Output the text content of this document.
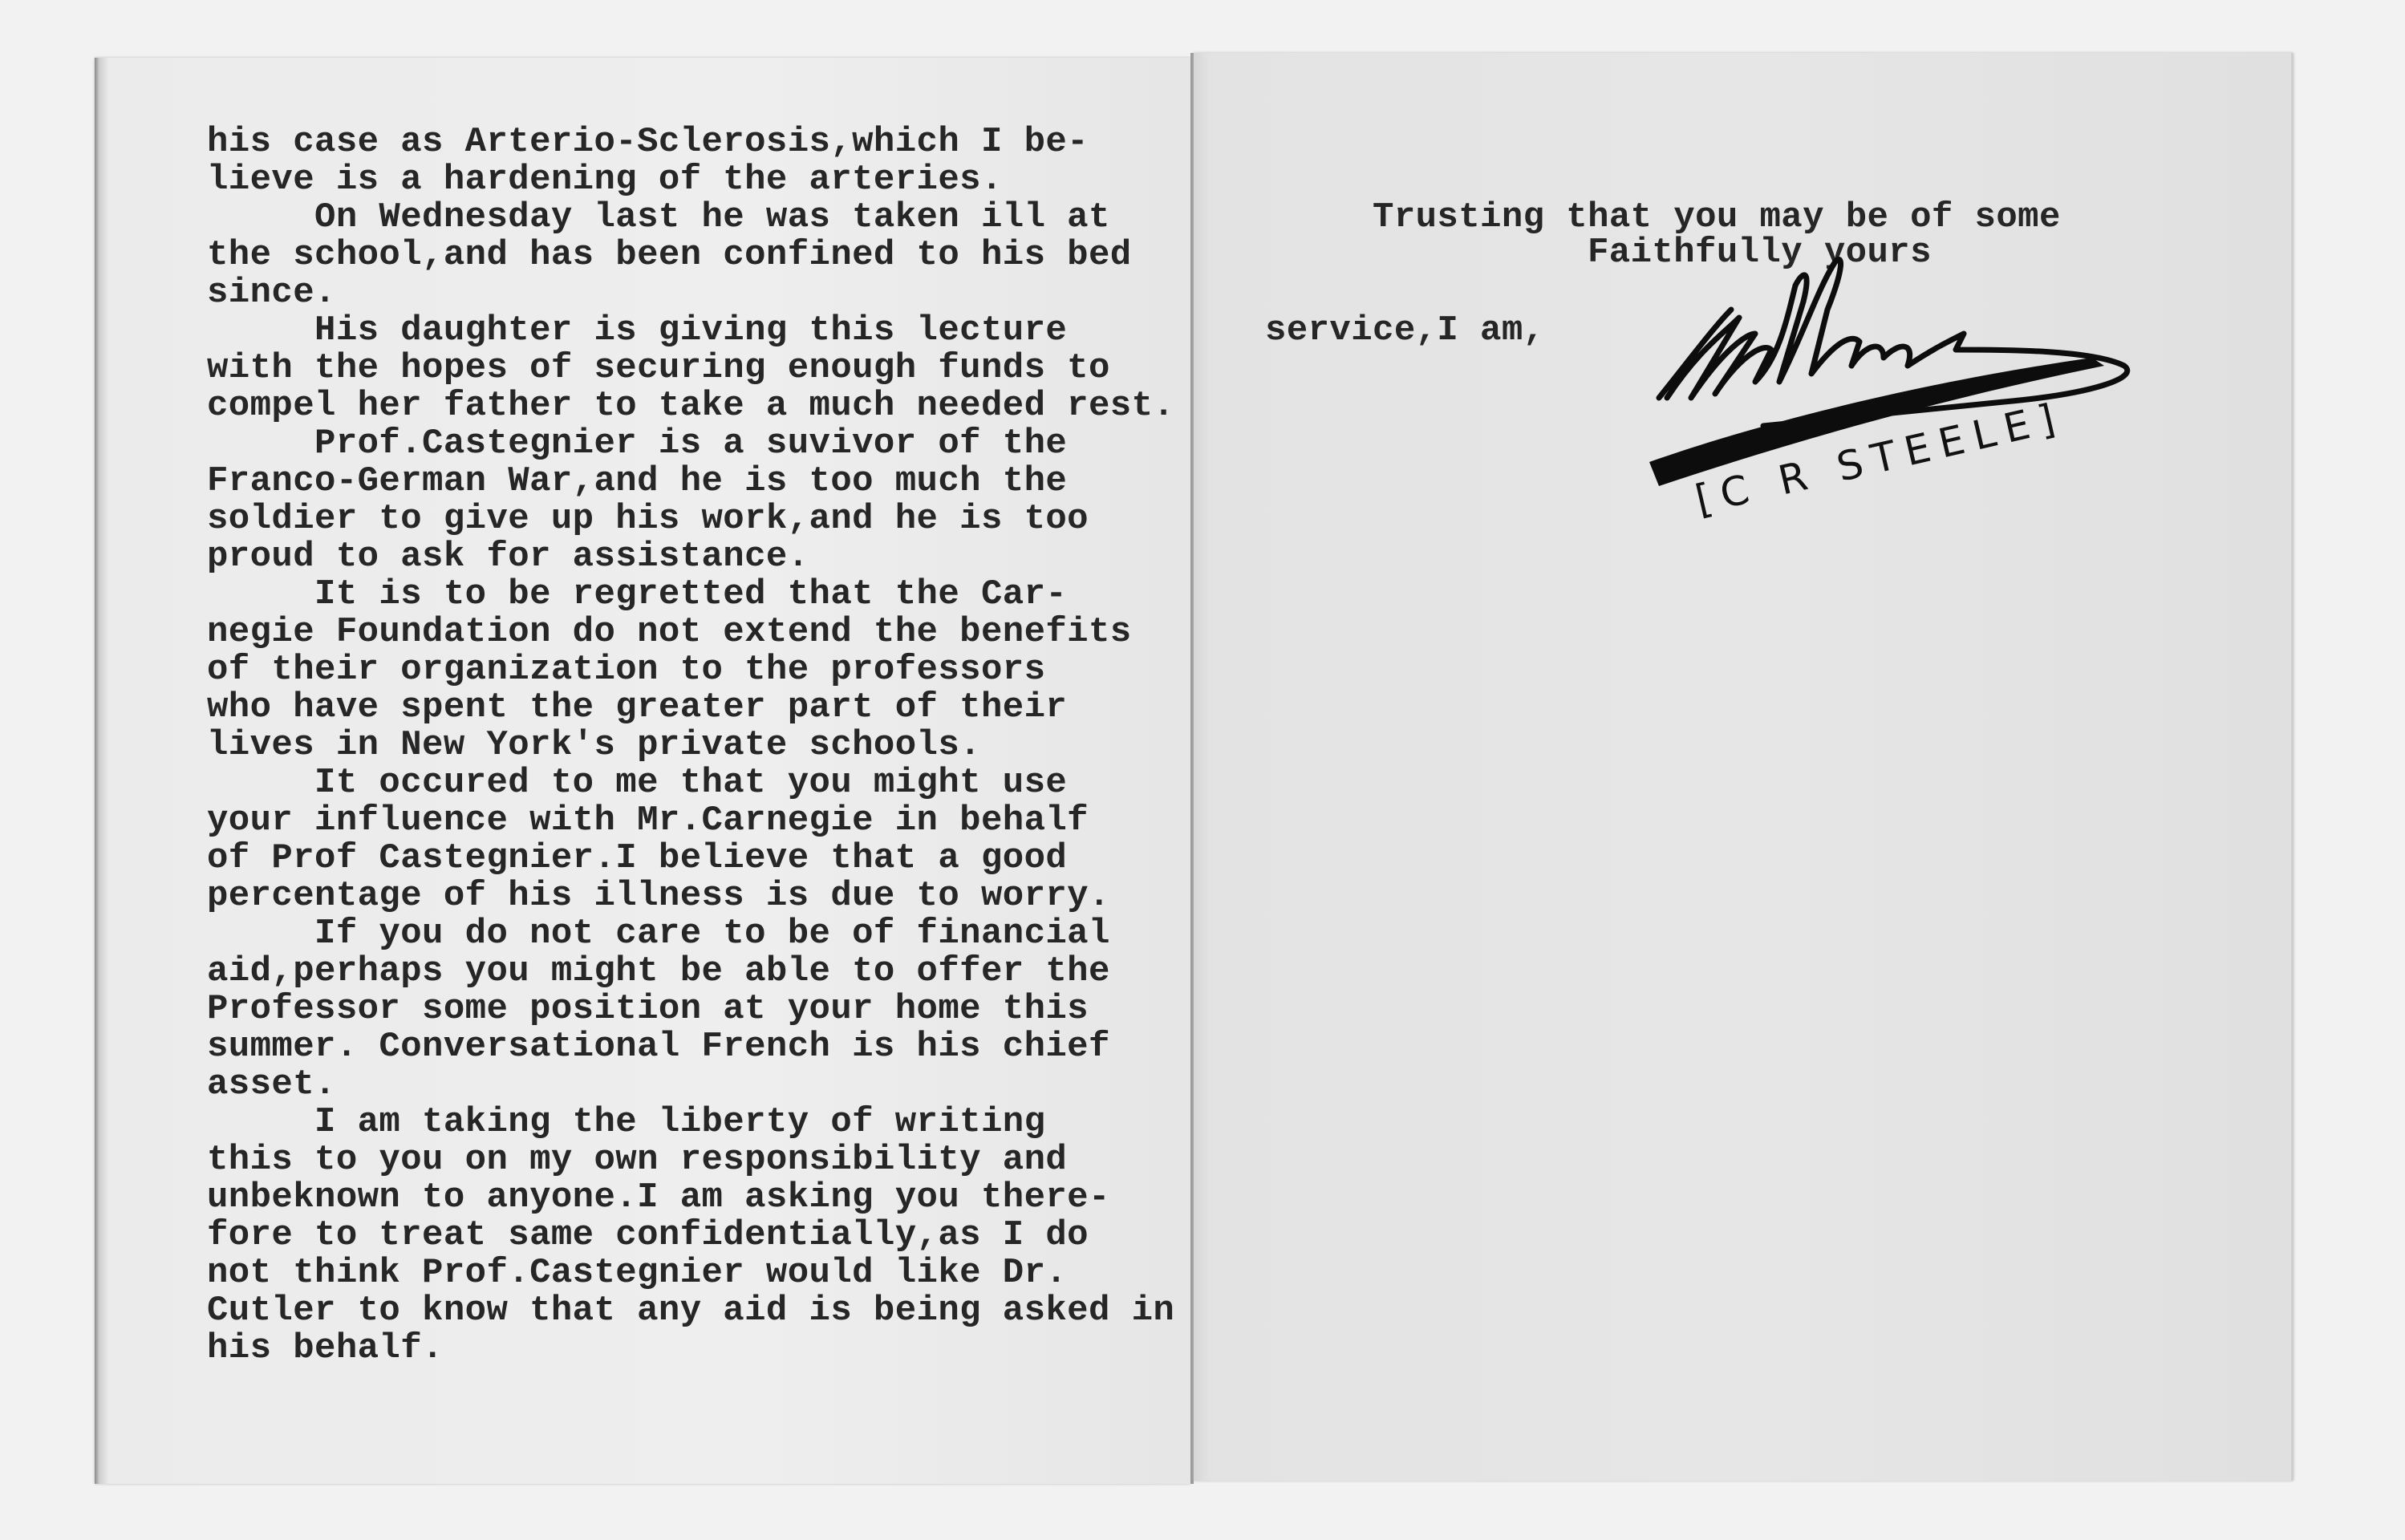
his case as Arterio-Sclerosis,which I be-
lieve is a hardening of the arteries.
On Wednesday last he was taken ill at
the school,and has been confined to his bed
since.
His daughter is giving this lecture
with the hopes of securing enough funds to
compel her father to take a much needed rest.
Prof.Castegnier is a suvivor of the
Franco-German War,and he is too much the
soldier to give up his work,and he is too
proud to ask for assistance.
It is to be regretted that the Car-
negie Foundation do not extend the benefits
of their organization to the professors
who have spent the greater part of their
lives in New York's private schools.
It occured to me that you might use
your influence with Mr.Carnegie in behalf
of Prof Castegnier.I believe that a good
percentage of his illness is due to worry.
If you do not care to be of financial
aid,perhaps you might be able to offer the
Professor some position at your home this
summer. Conversational French is his chief
asset.
I am taking the liberty of writing
this to you on my own responsibility and
unbeknown to anyone.I am asking you there-
fore to treat same confidentially,as I do
not think Prof.Castegnier would like Dr.
Cutler to know that any aid is being asked in
his behalf.

Trusting that you may be of some

service,I am,

Faithfully yours
[C R STEELE]
